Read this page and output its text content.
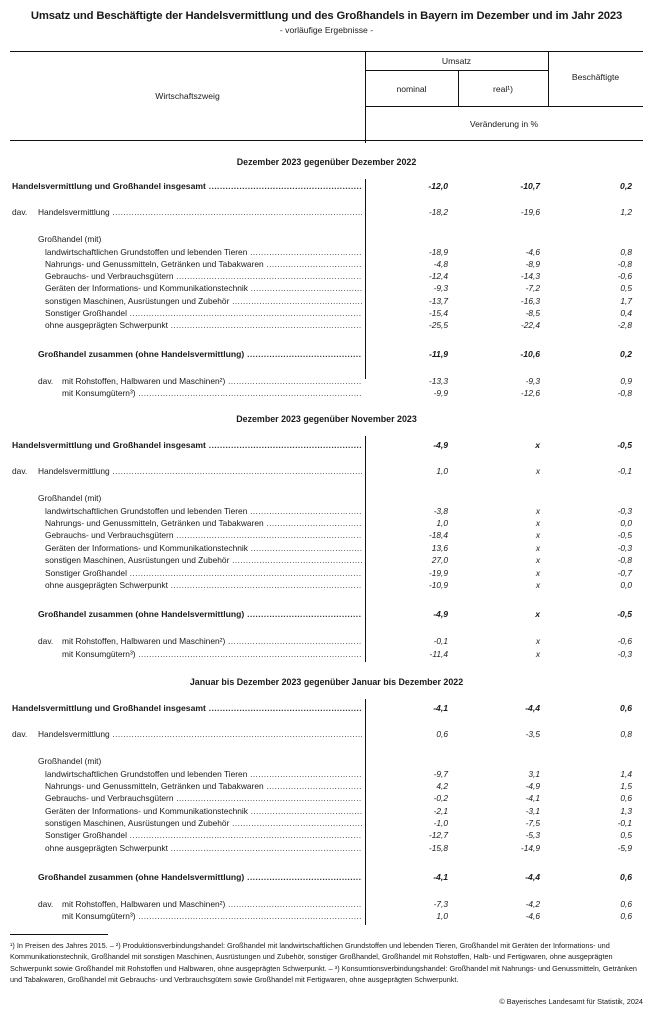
Umsatz und Beschäftigte der Handelsvermittlung und des Großhandels in Bayern im Dezember und im Jahr 2023
- vorläufige Ergebnisse -
Wirtschaftszweig
Umsatz
nominal	real¹)
Beschäftigte
Veränderung in %
Dezember 2023 gegenüber Dezember 2022
Handelsvermittlung und Großhandel insgesamt .....	-12,0	-10,7	0,2
dav. Handelsvermittlung .....	-18,2	-19,6	1,2
Großhandel (mit)
landwirtschaftlichen Grundstoffen und lebenden Tieren .....	-18,9	-4,6	0,8
Nahrungs- und Genussmitteln, Getränken und Tabakwaren .....	-4,8	-8,9	-0,8
Gebrauchs- und Verbrauchsgütern .....	-12,4	-14,3	-0,6
Geräten der Informations- und Kommunikationstechnik .....	-9,3	-7,2	0,5
sonstigen Maschinen, Ausrüstungen und Zubehör .....	-13,7	-16,3	1,7
Sonstiger Großhandel .....	-15,4	-8,5	0,4
ohne ausgeprägten Schwerpunkt .....	-25,5	-22,4	-2,8
Großhandel zusammen (ohne Handelsvermittlung) .....	-11,9	-10,6	0,2
dav. mit Rohstoffen, Halbwaren und Maschinen²) .....	-13,3	-9,3	0,9
mit Konsumgütern³) .....	-9,9	-12,6	-0,8
Dezember 2023 gegenüber November 2023
Handelsvermittlung und Großhandel insgesamt .....	-4,9	x	-0,5
dav. Handelsvermittlung .....	1,0	x	-0,1
Großhandel (mit)
landwirtschaftlichen Grundstoffen und lebenden Tieren .....	-3,8	x	-0,3
Nahrungs- und Genussmitteln, Getränken und Tabakwaren .....	1,0	x	0,0
Gebrauchs- und Verbrauchsgütern .....	-18,4	x	-0,5
Geräten der Informations- und Kommunikationstechnik .....	13,6	x	-0,3
sonstigen Maschinen, Ausrüstungen und Zubehör .....	27,0	x	-0,8
Sonstiger Großhandel .....	-19,9	x	-0,7
ohne ausgeprägten Schwerpunkt .....	-10,9	x	0,0
Großhandel zusammen (ohne Handelsvermittlung) .....	-4,9	x	-0,5
dav. mit Rohstoffen, Halbwaren und Maschinen²) .....	-0,1	x	-0,6
mit Konsumgütern³) .....	-11,4	x	-0,3
Januar bis Dezember 2023 gegenüber Januar bis Dezember 2022
Handelsvermittlung und Großhandel insgesamt .....	-4,1	-4,4	0,6
dav. Handelsvermittlung .....	0,6	-3,5	0,8
Großhandel (mit)
landwirtschaftlichen Grundstoffen und lebenden Tieren .....	-9,7	3,1	1,4
Nahrungs- und Genussmitteln, Getränken und Tabakwaren .....	4,2	-4,9	1,5
Gebrauchs- und Verbrauchsgütern .....	-0,2	-4,1	0,6
Geräten der Informations- und Kommunikationstechnik .....	-2,1	-3,1	1,3
sonstigen Maschinen, Ausrüstungen und Zubehör .....	-1,0	-7,5	-0,1
Sonstiger Großhandel .....	-12,7	-5,3	0,5
ohne ausgeprägten Schwerpunkt .....	-15,8	-14,9	-5,9
Großhandel zusammen (ohne Handelsvermittlung) .....	-4,1	-4,4	0,6
dav. mit Rohstoffen, Halbwaren und Maschinen²) .....	-7,3	-4,2	0,6
mit Konsumgütern³) .....	1,0	-4,6	0,6
¹) In Preisen des Jahres 2015. – ²) Produktionsverbindungshandel: Großhandel mit landwirtschaftlichen Grundstoffen und lebenden Tieren, Großhandel mit Geräten der Informations- und Kommunikationstechnik, Großhandel mit sonstigen Maschinen, Ausrüstungen und Zubehör, sonstiger Großhandel, Großhandel mit Rohstoffen, Halb- und Fertigwaren, ohne ausgeprägten Schwerpunkt sowie Großhandel mit Rohstoffen und Halbwaren, ohne ausgeprägten Schwerpunkt. – ³) Konsumtionsverbindungshandel: Großhandel mit Nahrungs- und Genussmitteln, Getränken und Tabakwaren, Großhandel mit Gebrauchs- und Verbrauchsgütern sowie Großhandel mit Fertigwaren, ohne ausgeprägten Schwerpunkt.
© Bayerisches Landesamt für Statistik, 2024
